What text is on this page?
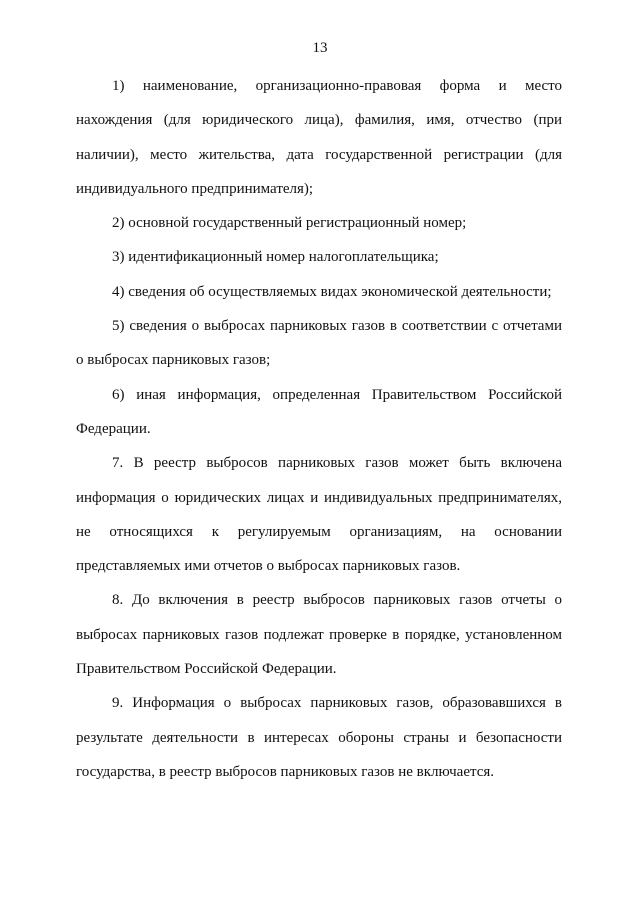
13

1) наименование, организационно-правовая форма и место нахождения (для юридического лица), фамилия, имя, отчество (при наличии), место жительства, дата государственной регистрации (для индивидуального предпринимателя);

2) основной государственный регистрационный номер;

3) идентификационный номер налогоплательщика;

4) сведения об осуществляемых видах экономической деятельности;

5) сведения о выбросах парниковых газов в соответствии с отчетами о выбросах парниковых газов;

6) иная информация, определенная Правительством Российской Федерации.

7. В реестр выбросов парниковых газов может быть включена информация о юридических лицах и индивидуальных предпринимателях, не относящихся к регулируемым организациям, на основании представляемых ими отчетов о выбросах парниковых газов.

8. До включения в реестр выбросов парниковых газов отчеты о выбросах парниковых газов подлежат проверке в порядке, установленном Правительством Российской Федерации.

9. Информация о выбросах парниковых газов, образовавшихся в результате деятельности в интересах обороны страны и безопасности государства, в реестр выбросов парниковых газов не включается.
